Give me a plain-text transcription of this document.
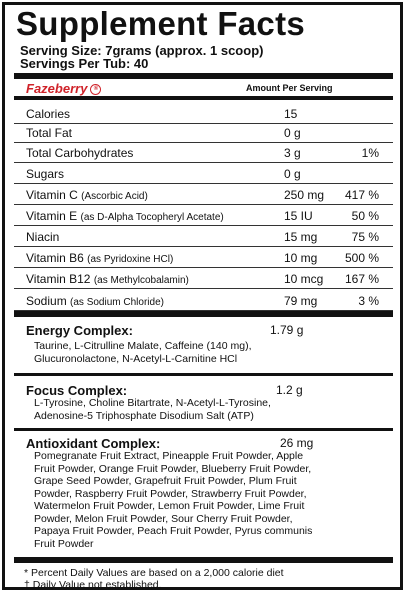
Supplement Facts
Serving Size: 7grams (approx. 1 scoop)
Servings Per Tub: 40
Fazeberry ®	Amount Per Serving
Calories	15
Total Fat	0 g
Total Carbohydrates	3 g	1%
Sugars	0 g
Vitamin C (Ascorbic Acid)	250 mg 417 %
Vitamin E (as D-Alpha Tocopheryl Acetate)	15 IU	50 %
Niacin	15 mg	75 %
Vitamin B6 (as Pyridoxine HCl)	10 mg 500 %
Vitamin B12 (as Methylcobalamin)	10 mcg 167 %
Sodium (as Sodium Chloride)	79 mg	3 %
Energy Complex:	1.79 g
Taurine, L-Citrulline Malate, Caffeine (140 mg),
Glucuronolactone, N-Acetyl-L-Carnitine HCl
Focus Complex:	1.2 g
L-Tyrosine, Choline Bitartrate, N-Acetyl-L-Tyrosine,
Adenosine-5 Triphosphate Disodium Salt (ATP)
Antioxidant Complex:	26 mg
Pomegranate Fruit Extract, Pineapple Fruit Powder, Apple
Fruit Powder, Orange Fruit Powder, Blueberry Fruit Powder,
Grape Seed Powder, Grapefruit Fruit Powder, Plum Fruit
Powder, Raspberry Fruit Powder, Strawberry Fruit Powder,
Watermelon Fruit Powder, Lemon Fruit Powder, Lime Fruit
Powder, Melon Fruit Powder, Sour Cherry Fruit Powder,
Papaya Fruit Powder, Peach Fruit Powder, Pyrus communis
Fruit Powder
* Percent Daily Values are based on a 2,000 calorie diet
† Daily Value not established.
